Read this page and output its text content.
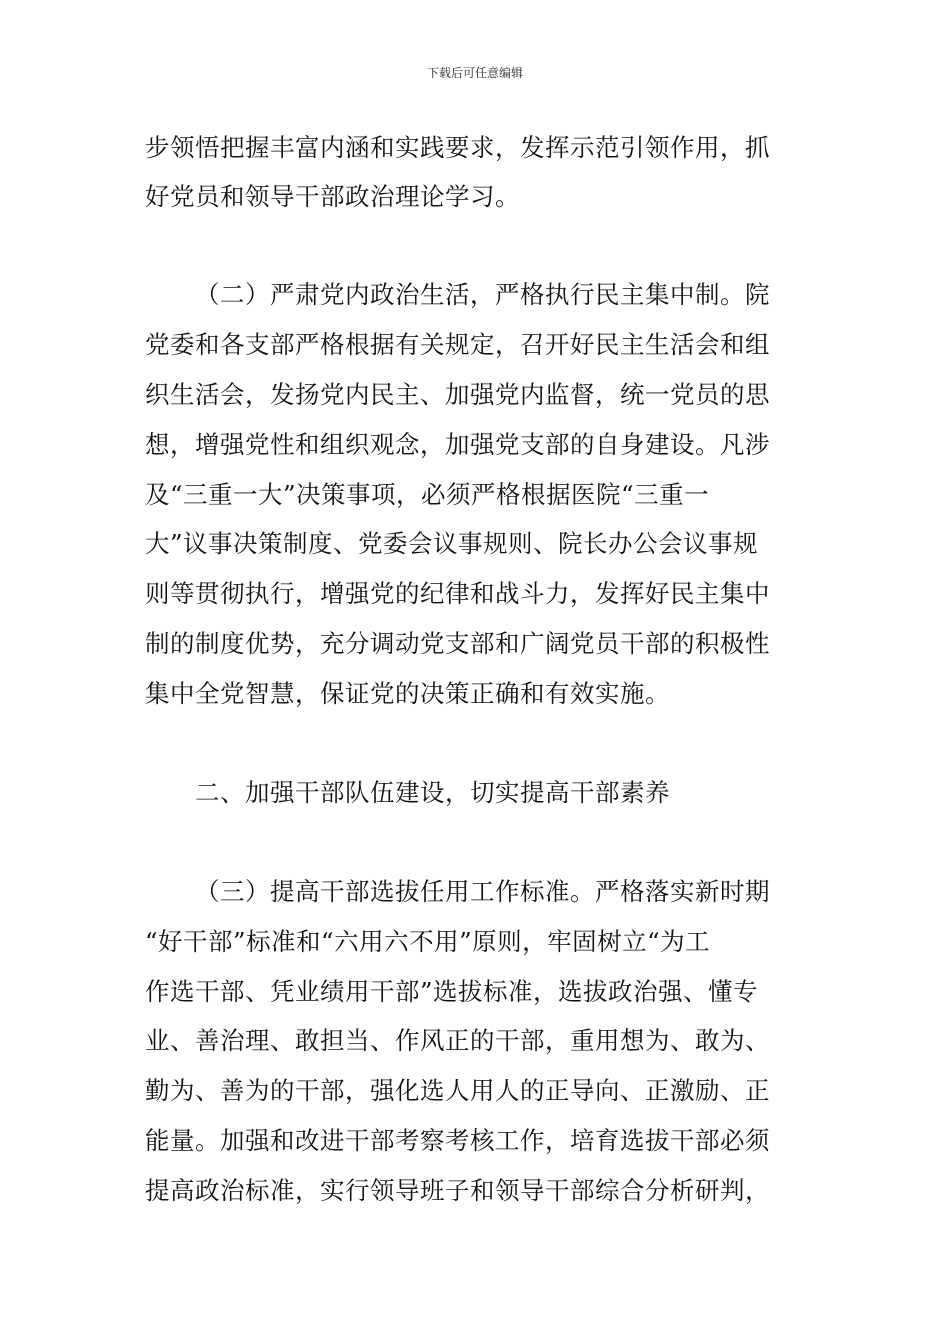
下载后可任意编辑
步领悟把握丰富内涵和实践要求，发挥示范引领作用，抓
好党员和领导干部政治理论学习。
（二）严肃党内政治生活，严格执行民主集中制。院
党委和各支部严格根据有关规定，召开好民主生活会和组
织生活会，发扬党内民主、加强党内监督，统一党员的思
想，增强党性和组织观念，加强党支部的自身建设。凡涉
及“三重一大”决策事项，必须严格根据医院“三重一
大”议事决策制度、党委会议事规则、院长办公会议事规
则等贯彻执行，增强党的纪律和战斗力，发挥好民主集中
制的制度优势，充分调动党支部和广阔党员干部的积极性
集中全党智慧，保证党的决策正确和有效实施。
二、加强干部队伍建设，切实提高干部素养
（三）提高干部选拔任用工作标准。严格落实新时期
“好干部”标准和“六用六不用”原则，牢固树立“为工
作选干部、凭业绩用干部”选拔标准，选拔政治强、懂专
业、善治理、敢担当、作风正的干部，重用想为、敢为、
勤为、善为的干部，强化选人用人的正导向、正激励、正
能量。加强和改进干部考察考核工作，培育选拔干部必须
提高政治标准，实行领导班子和领导干部综合分析研判，
